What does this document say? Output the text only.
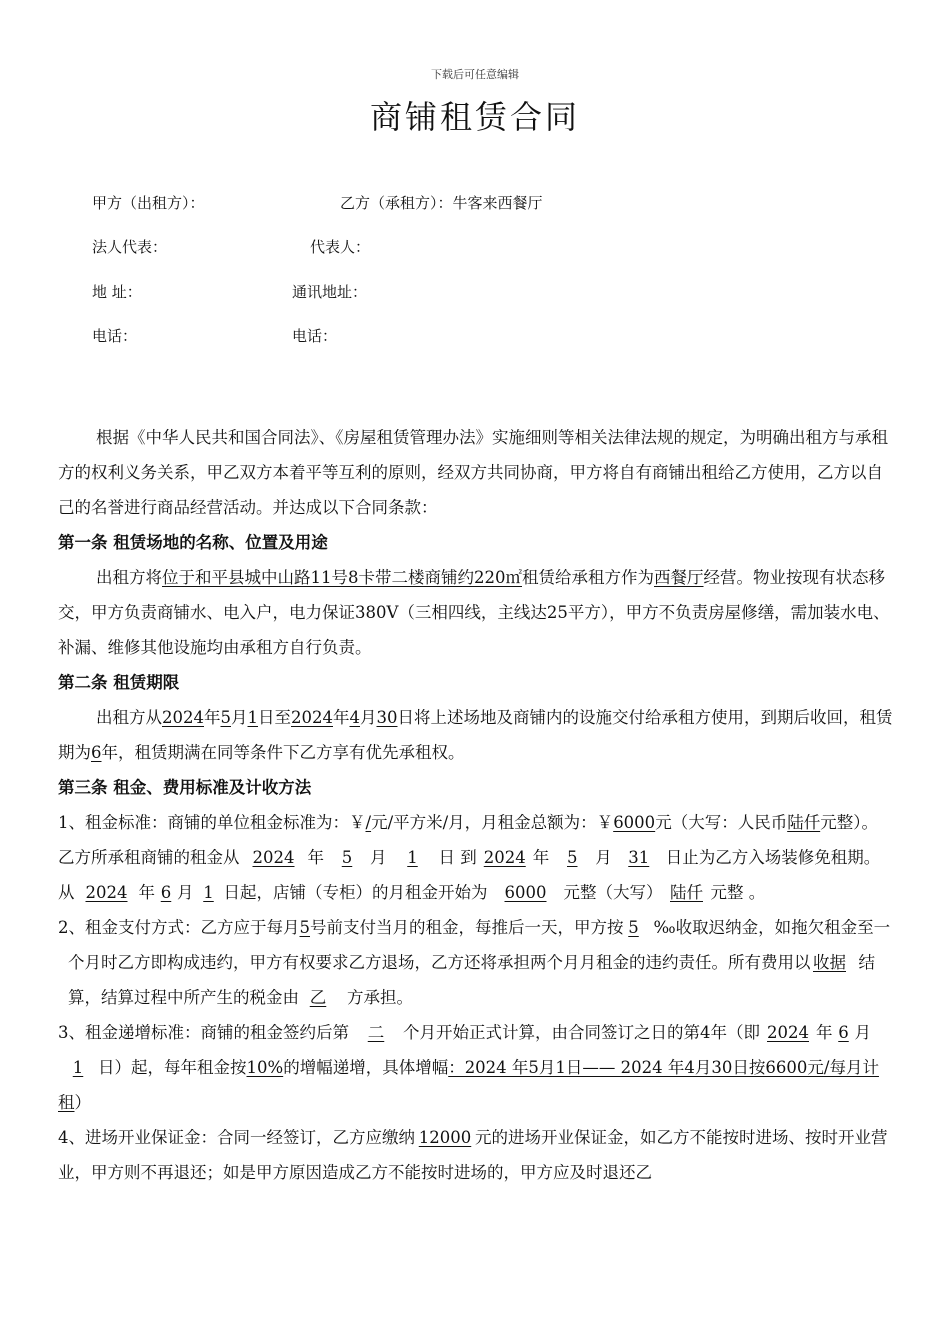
下载后可任意编辑
商铺租赁合同
甲方（出租方）：	乙方（承租方）：牛客来西餐厅
法人代表：	代表人：
地 址：	通讯地址：
电话：	电话：

根据《中华人民共和国合同法》、《房屋租赁管理办法》实施细则等相关法律法规的规定，为明确出租方与承租方的权利义务关系，甲乙双方本着平等互利的原则，经双方共同协商，甲方将自有商铺出租给乙方使用，乙方以自己的名誉进行商品经营活动。并达成以下合同条款：

第一条 租赁场地的名称、位置及用途

出租方将位于和平县城中山路11号8卡带二楼商铺约220㎡租赁给承租方作为西餐厅经营。物业按现有状态移交，甲方负责商铺水、电入户，电力保证380V（三相四线，主线达25平方），甲方不负责房屋修缮，需加装水电、补漏、维修其他设施均由承租方自行负责。

第二条 租赁期限

出租方从2024年5月1日至2024年4月30日将上述场地及商铺内的设施交付给承租方使用，到期后收回，租赁期为6年，租赁期满在同等条件下乙方享有优先承租权。

第三条 租金、费用标准及计收方法

1、租金标准：商铺的单位租金标准为：￥/元/平方米/月，月租金总额为：￥6000元（大写：人民币陆仟元整）。乙方所承租商铺的租金从 2024 年 5 月 1 日 到 2024 年 5 月 31 日止为乙方入场装修免租期。从 2024 年 6 月 1 日起，店铺（专柜）的月租金开始为 6000 元整（大写） 陆仟 元整 。

2、租金支付方式：乙方应于每月5号前支付当月的租金，每推后一天，甲方按 5 ‰收取迟纳金，如拖欠租金至一个月时乙方即构成违约，甲方有权要求乙方退场，乙方还将承担两个月月租金的违约责任。所有费用以 收据 结算，结算过程中所产生的税金由 乙 方承担。

3、租金递增标准：商铺的租金签约后第 二 个月开始正式计算，由合同签订之日的第4年（即 2024 年 6 月1 日）起，每年租金按10%的增幅递增，具体增幅：2024 年5月1日—— 2024 年4月30日按6600元/每月计租）

4、进场开业保证金：合同一经签订，乙方应缴纳 12000 元的进场开业保证金，如乙方不能按时进场、按时开业营业，甲方则不再退还；如是甲方原因造成乙方不能按时进场的，甲方应及时退还乙
